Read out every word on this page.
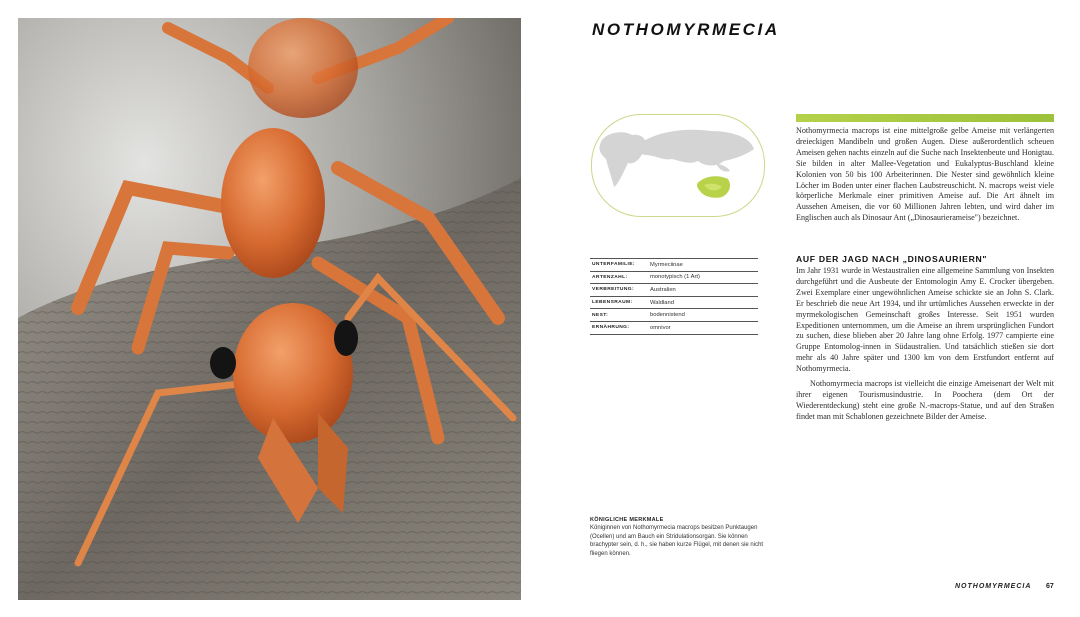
KÖNIGLICHE MERKMALE
Königinnen von Nothomyrmecia macrops besitzen Punktaugen (Ocellen) und am Bauch ein Stridulationsorgan. Sie können brachypter sein, d. h., sie haben kurze Flügel, mit denen sie nicht fliegen können.
NOTHOMYRMECIA

Nothomyrmecia macrops ist eine mittelgroße gelbe Ameise mit verlängerten dreieckigen Mandibeln und großen Augen. Diese außerordentlich scheuen Ameisen gehen nachts einzeln auf die Suche nach Insektenbeute und Honigtau. Sie bilden in alter Mallee-Vegetation und Eukalyptus-Buschland kleine Kolonien von 50 bis 100 Arbeiterinnen. Die Nester sind gewöhnlich kleine Löcher im Boden unter einer flachen Laubstreuschicht. N. macrops weist viele körperliche Merkmale einer primitiven Ameise auf. Die Art ähnelt im Aussehen Ameisen, die vor 60 Millionen Jahren lebten, und wird daher im Englischen auch als Dinosaur Ant („Dinosaurierameise") bezeichnet.

UNTERFAMILIE:	Myrmeciinae
ARTENZAHL:	monotypisch (1 Art)
VERBREITUNG:	Australien
LEBENSRAUM:	Waldland
NEST:	bodennistend
ERNÄHRUNG:	omnivor
AUF DER JAGD NACH „DINOSAURIERN"

Im Jahr 1931 wurde in Westaustralien eine allgemeine Sammlung von Insekten durchgeführt und die Ausbeute der Entomologin Amy E. Crocker übergeben. Zwei Exemplare einer ungewöhnlichen Ameise schickte sie an John S. Clark. Er beschrieb die neue Art 1934, und ihr urtümliches Aussehen erweckte in der myrmekologischen Gemeinschaft großes Interesse. Seit 1951 wurden Expeditionen unternommen, um die Ameise an ihrem ursprünglichen Fundort zu suchen, diese blieben aber 20 Jahre lang ohne Erfolg. 1977 campierte eine Gruppe Entomolog-innen in Südaustralien. Und tatsächlich stießen sie dort mehr als 40 Jahre später und 1300 km von dem Erstfundort entfernt auf Nothomyrmecia.

Nothomyrmecia macrops ist vielleicht die einzige Ameisenart der Welt mit ihrer eigenen Tourismusindustrie. In Poochera (dem Ort der Wiederentdeckung) steht eine große N.-macrops-Statue, und auf den Straßen findet man mit Schablonen gezeichnete Bilder der Ameise.

NOTHOMYRMECIA 67
